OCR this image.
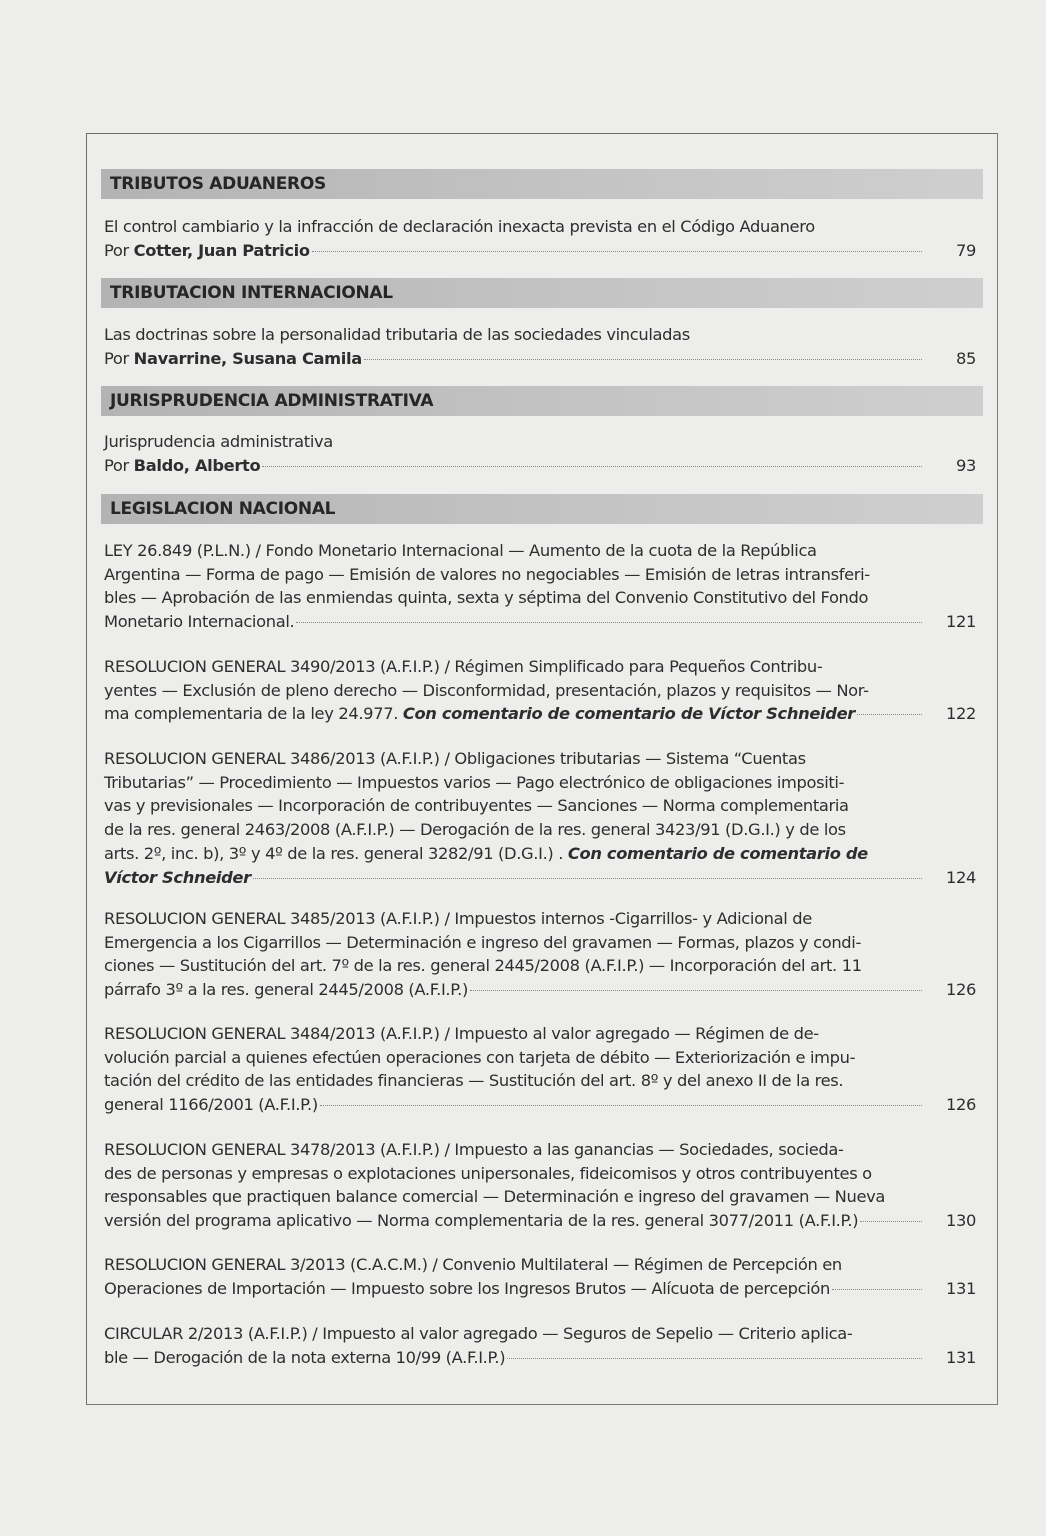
TRIBUTOS ADUANEROS
TRIBUTACION INTERNACIONAL
JURISPRUDENCIA ADMINISTRATIVA
LEGISLACION NACIONAL
El control cambiario y la infracción de declaración inexacta prevista en el Código Aduanero
Por Cotter, Juan Patricio	79
Las doctrinas sobre la personalidad tributaria de las sociedades vinculadas
Por Navarrine, Susana Camila	85
Jurisprudencia administrativa
Por Baldo, Alberto	93
LEY 26.849 (P.L.N.) / Fondo Monetario Internacional — Aumento de la cuota de la República
Argentina — Forma de pago — Emisión de valores no negociables — Emisión de letras intransferi-
bles — Aprobación de las enmiendas quinta, sexta y séptima del Convenio Constitutivo del Fondo
Monetario Internacional.	121
RESOLUCION GENERAL 3490/2013 (A.F.I.P.) / Régimen Simplificado para Pequeños Contribu-
yentes — Exclusión de pleno derecho — Disconformidad, presentación, plazos y requisitos — Nor-
ma complementaria de la ley 24.977. Con comentario de comentario de Víctor Schneider	122
RESOLUCION GENERAL 3486/2013 (A.F.I.P.) / Obligaciones tributarias — Sistema “Cuentas
Tributarias” — Procedimiento — Impuestos varios — Pago electrónico de obligaciones impositi-
vas y previsionales — Incorporación de contribuyentes — Sanciones — Norma complementaria
de la res. general 2463/2008 (A.F.I.P.) — Derogación de la res. general 3423/91 (D.G.I.) y de los
arts. 2º, inc. b), 3º y 4º de la res. general 3282/91 (D.G.I.) . Con comentario de comentario de
Víctor Schneider	124
RESOLUCION GENERAL 3485/2013 (A.F.I.P.) / Impuestos internos -Cigarrillos- y Adicional de
Emergencia a los Cigarrillos — Determinación e ingreso del gravamen — Formas, plazos y condi-
ciones — Sustitución del art. 7º de la res. general 2445/2008 (A.F.I.P.) — Incorporación del art. 11
párrafo 3º a la res. general 2445/2008 (A.F.I.P.)	126
RESOLUCION GENERAL 3484/2013 (A.F.I.P.) / Impuesto al valor agregado — Régimen de de-
volución parcial a quienes efectúen operaciones con tarjeta de débito — Exteriorización e impu-
tación del crédito de las entidades financieras — Sustitución del art. 8º y del anexo II de la res.
general 1166/2001 (A.F.I.P.)	126
RESOLUCION GENERAL 3478/2013 (A.F.I.P.) / Impuesto a las ganancias — Sociedades, socieda-
des de personas y empresas o explotaciones unipersonales, fideicomisos y otros contribuyentes o
responsables que practiquen balance comercial — Determinación e ingreso del gravamen — Nueva
versión del programa aplicativo — Norma complementaria de la res. general 3077/2011 (A.F.I.P.)	130
RESOLUCION GENERAL 3/2013 (C.A.C.M.) / Convenio Multilateral — Régimen de Percepción en
Operaciones de Importación — Impuesto sobre los Ingresos Brutos — Alícuota de percepción	131
CIRCULAR 2/2013 (A.F.I.P.) / Impuesto al valor agregado — Seguros de Sepelio — Criterio aplica-
ble — Derogación de la nota externa 10/99 (A.F.I.P.)	131
